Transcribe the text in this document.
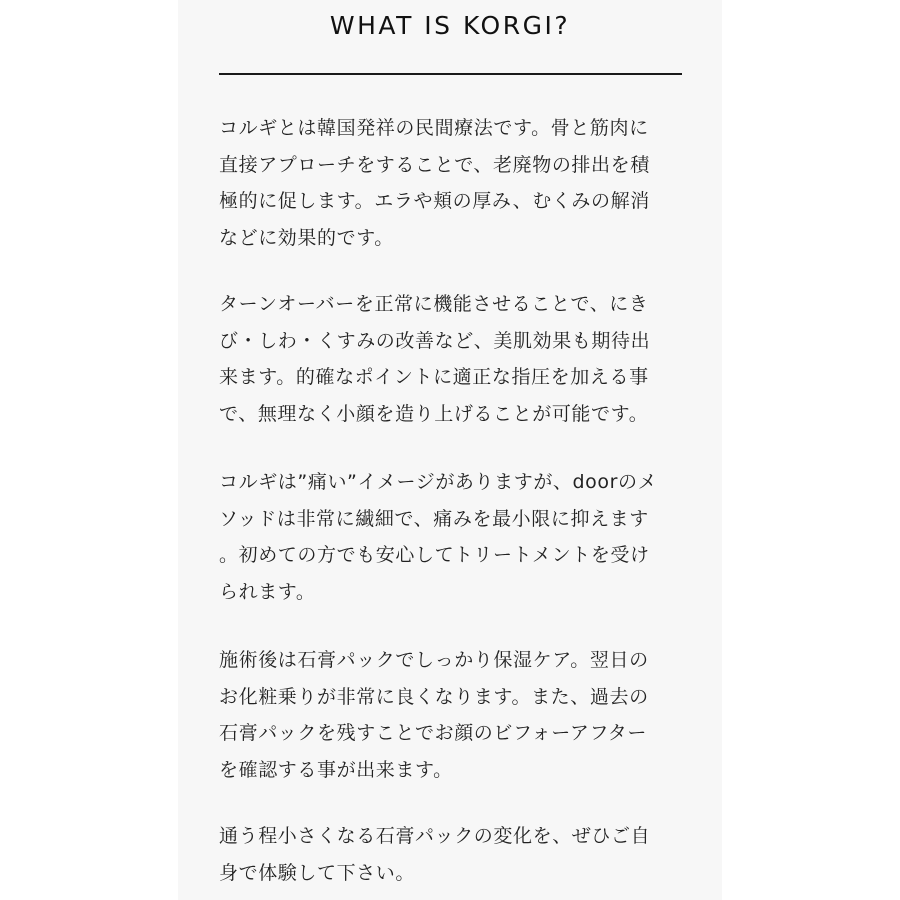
WHAT IS KORGI?

コルギとは韓国発祥の民間療法です。骨と筋肉に
直接アプローチをすることで、老廃物の排出を積
極的に促します。エラや頬の厚み、むくみの解消
などに効果的です。

ターンオーバーを正常に機能させることで、にき
び・しわ・くすみの改善など、美肌効果も期待出
来ます。的確なポイントに適正な指圧を加える事
で、無理なく小顔を造り上げることが可能です。

コルギは”痛い”イメージがありますが、doorのメ
ソッドは非常に繊細で、痛みを最小限に抑えます
。初めての方でも安心してトリートメントを受け
られます。

施術後は石膏パックでしっかり保湿ケア。翌日の
お化粧乗りが非常に良くなります。また、過去の
石膏パックを残すことでお顔のビフォーアフター
を確認する事が出来ます。

通う程小さくなる石膏パックの変化を、ぜひご自
身で体験して下さい。
